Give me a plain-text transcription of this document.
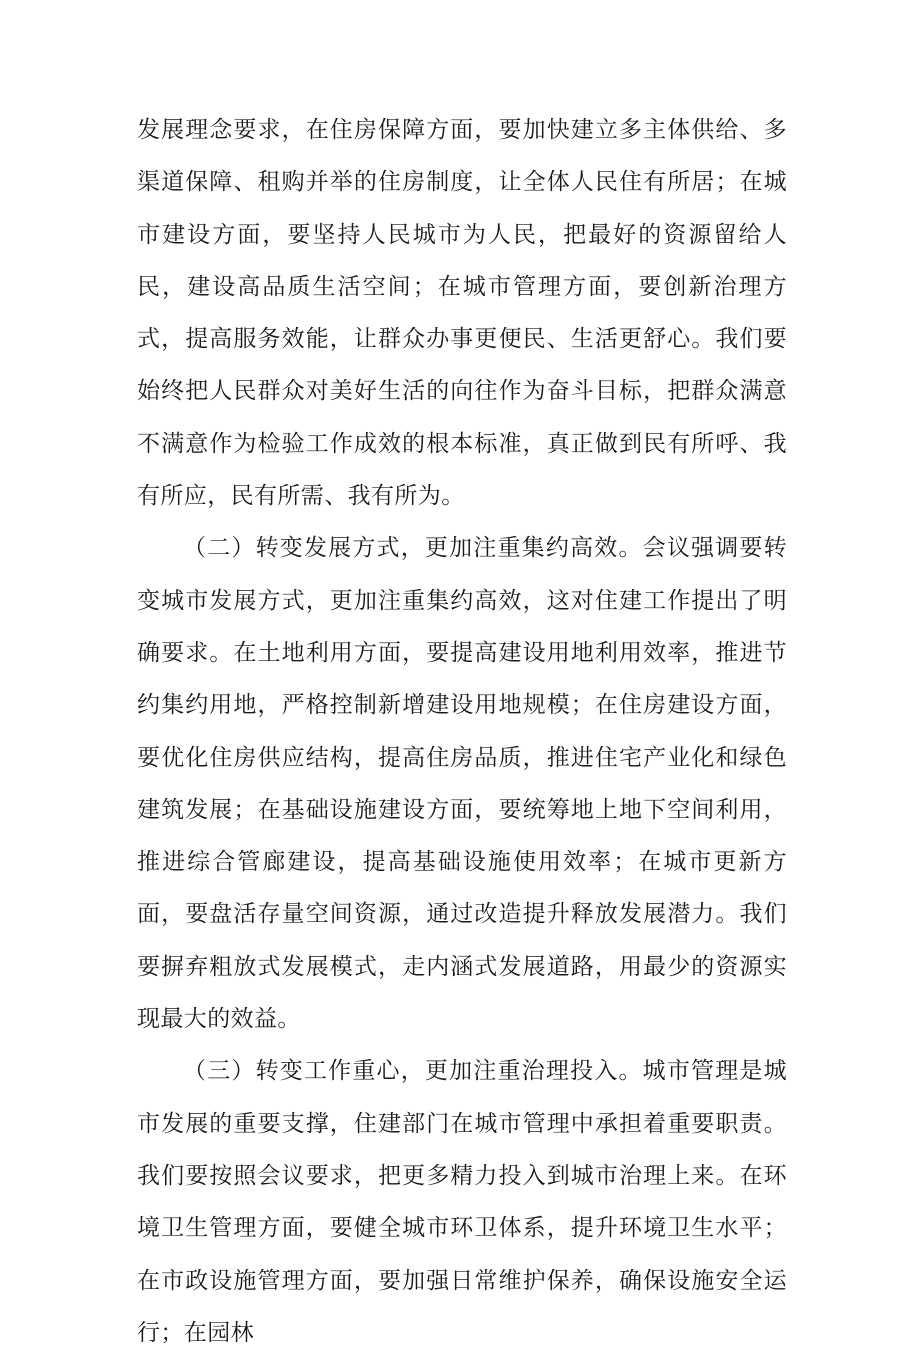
发展理念要求，在住房保障方面，要加快建立多主体供给、多渠道保障、租购并举的住房制度，让全体人民住有所居；在城市建设方面，要坚持人民城市为人民，把最好的资源留给人民，建设高品质生活空间；在城市管理方面，要创新治理方式，提高服务效能，让群众办事更便民、生活更舒心。我们要始终把人民群众对美好生活的向往作为奋斗目标，把群众满意不满意作为检验工作成效的根本标准，真正做到民有所呼、我有所应，民有所需、我有所为。

（二）转变发展方式，更加注重集约高效。会议强调要转变城市发展方式，更加注重集约高效，这对住建工作提出了明确要求。在土地利用方面，要提高建设用地利用效率，推进节约集约用地，严格控制新增建设用地规模；在住房建设方面，要优化住房供应结构，提高住房品质，推进住宅产业化和绿色建筑发展；在基础设施建设方面，要统筹地上地下空间利用，推进综合管廊建设，提高基础设施使用效率；在城市更新方面，要盘活存量空间资源，通过改造提升释放发展潜力。我们要摒弃粗放式发展模式，走内涵式发展道路，用最少的资源实现最大的效益。

（三）转变工作重心，更加注重治理投入。城市管理是城市发展的重要支撑，住建部门在城市管理中承担着重要职责。我们要按照会议要求，把更多精力投入到城市治理上来。在环境卫生管理方面，要健全城市环卫体系，提升环境卫生水平；在市政设施管理方面，要加强日常维护保养，确保设施安全运行；在园林
